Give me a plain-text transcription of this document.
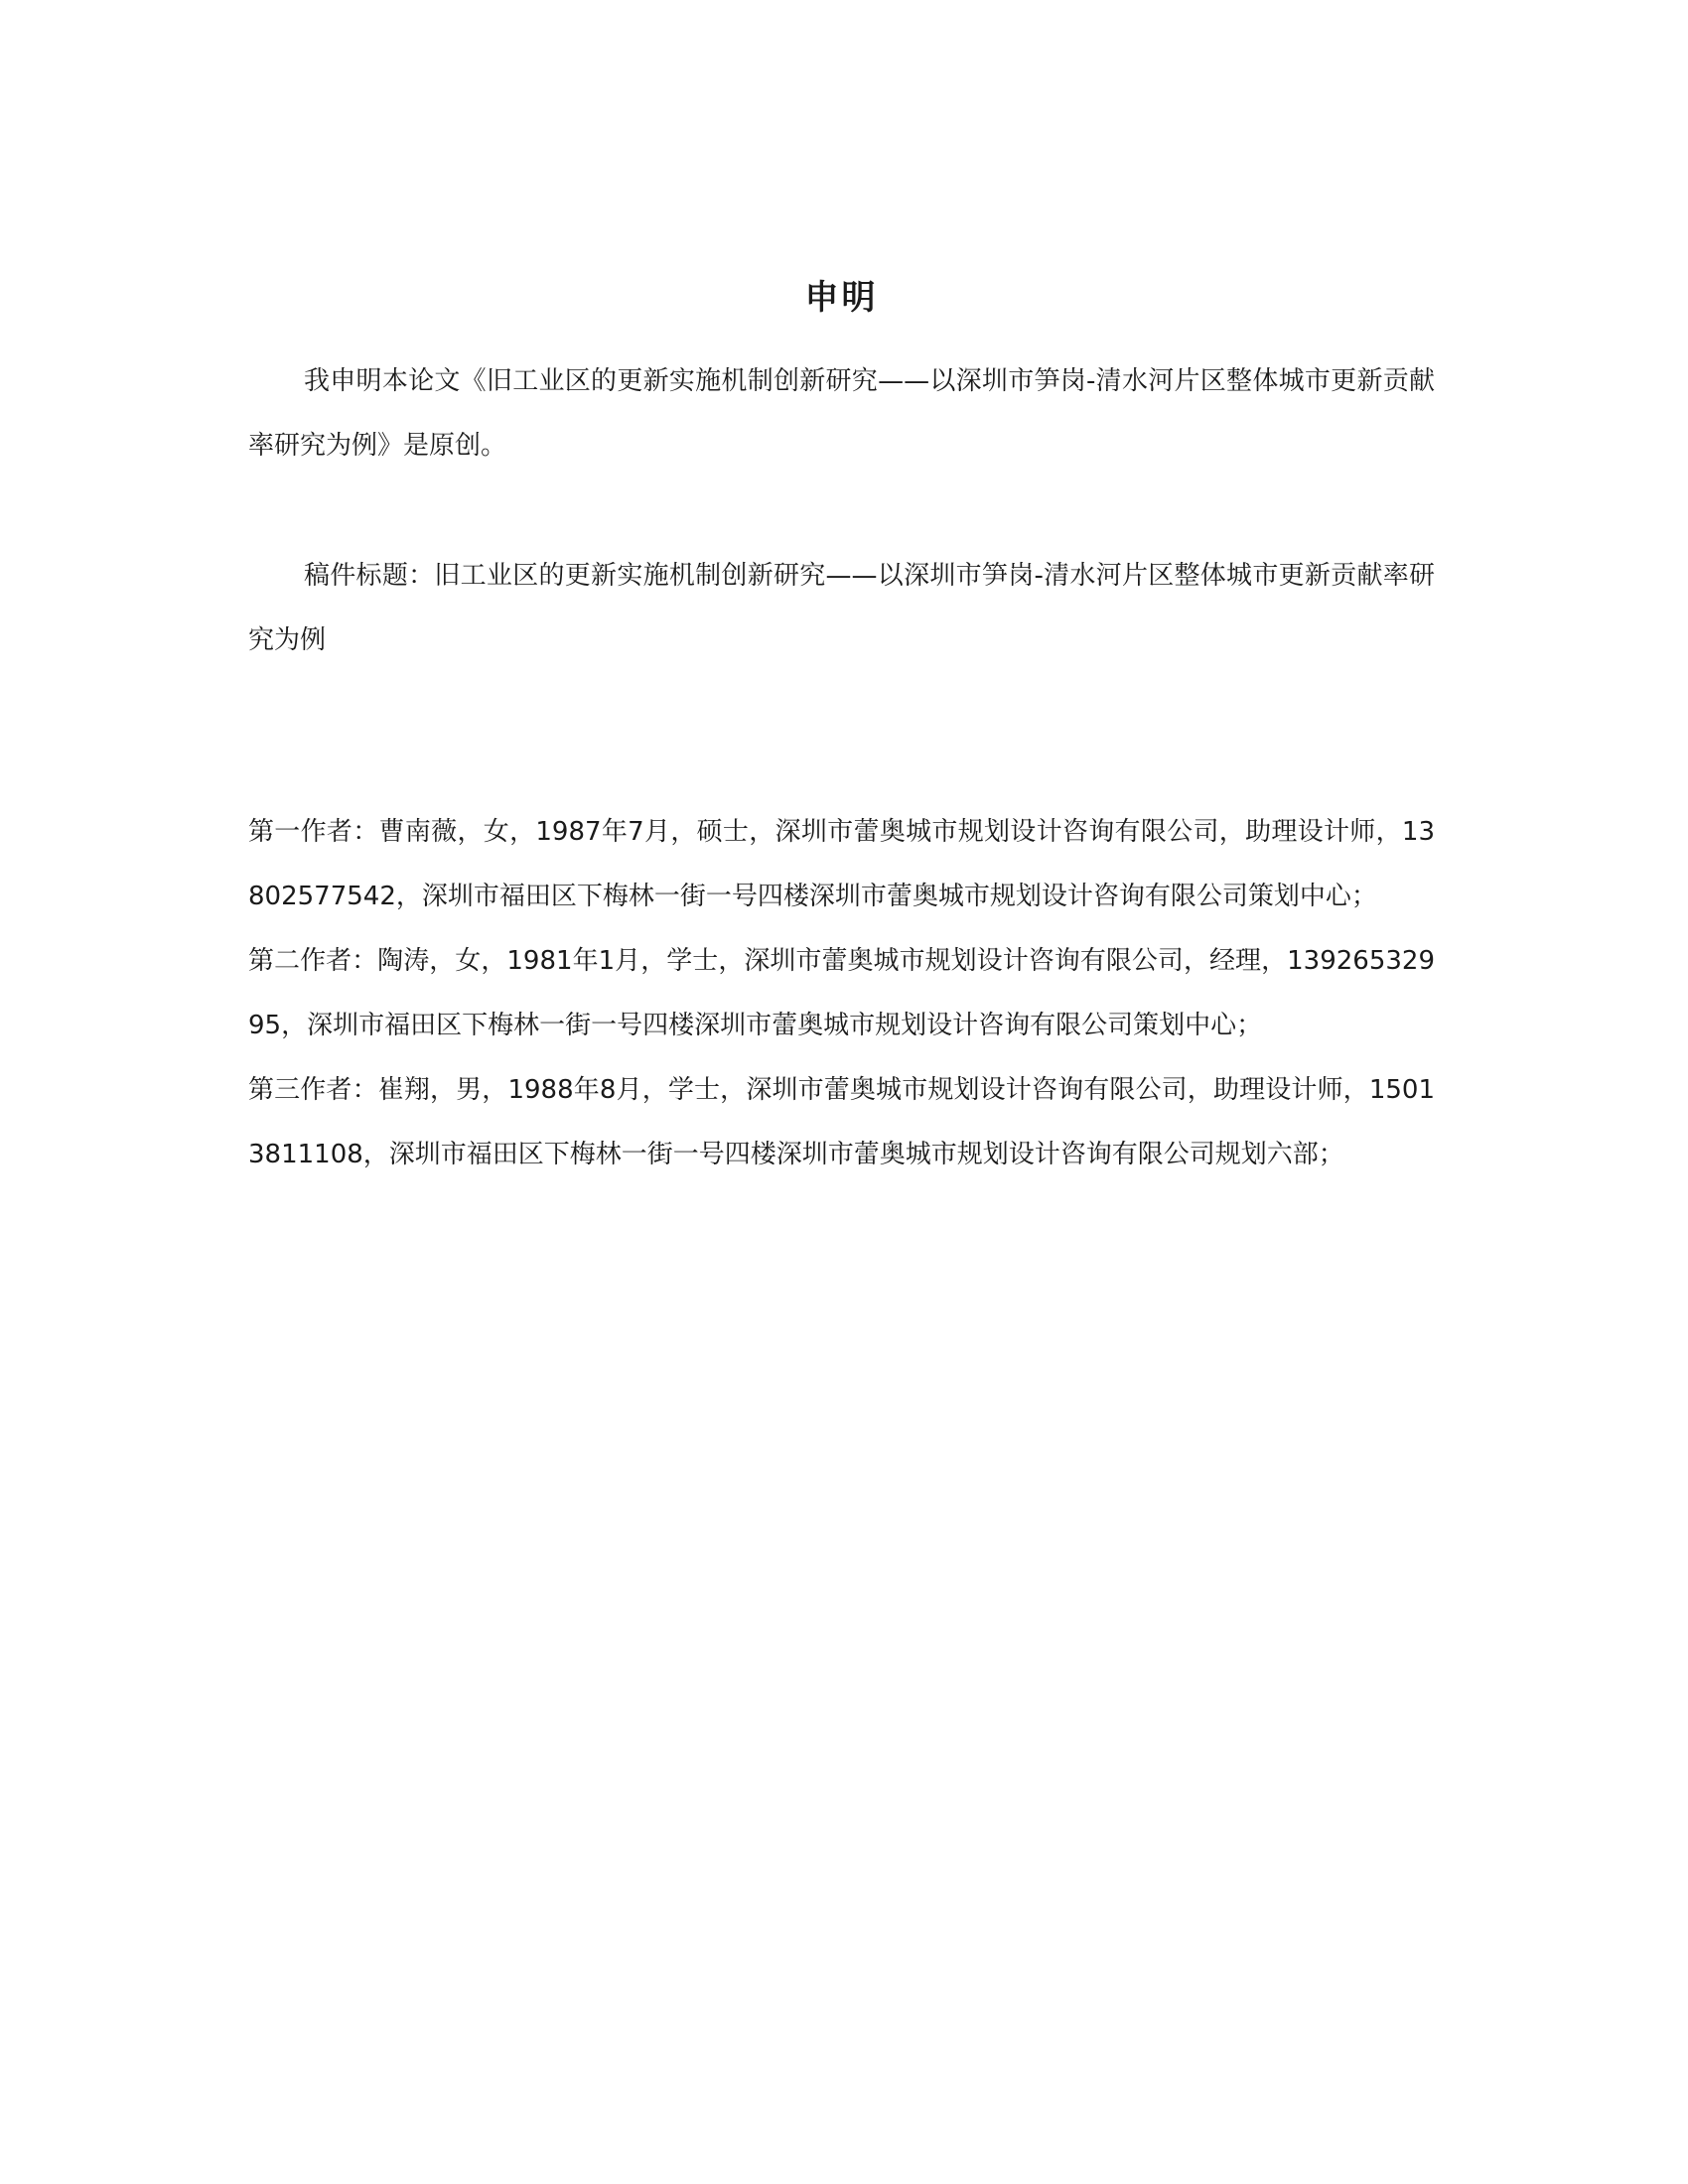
申明

我申明本论文《旧工业区的更新实施机制创新研究——以深圳市笋岗-清水河片区整体城市更新贡献率研究为例》是原创。

稿件标题：旧工业区的更新实施机制创新研究——以深圳市笋岗-清水河片区整体城市更新贡献率研究为例

第一作者：曹南薇，女，1987年7月，硕士，深圳市蕾奥城市规划设计咨询有限公司，助理设计师，13802577542，深圳市福田区下梅林一街一号四楼深圳市蕾奥城市规划设计咨询有限公司策划中心；

第二作者：陶涛，女，1981年1月，学士，深圳市蕾奥城市规划设计咨询有限公司，经理，13926532995，深圳市福田区下梅林一街一号四楼深圳市蕾奥城市规划设计咨询有限公司策划中心；

第三作者：崔翔，男，1988年8月，学士，深圳市蕾奥城市规划设计咨询有限公司，助理设计师，15013811108，深圳市福田区下梅林一街一号四楼深圳市蕾奥城市规划设计咨询有限公司规划六部；
